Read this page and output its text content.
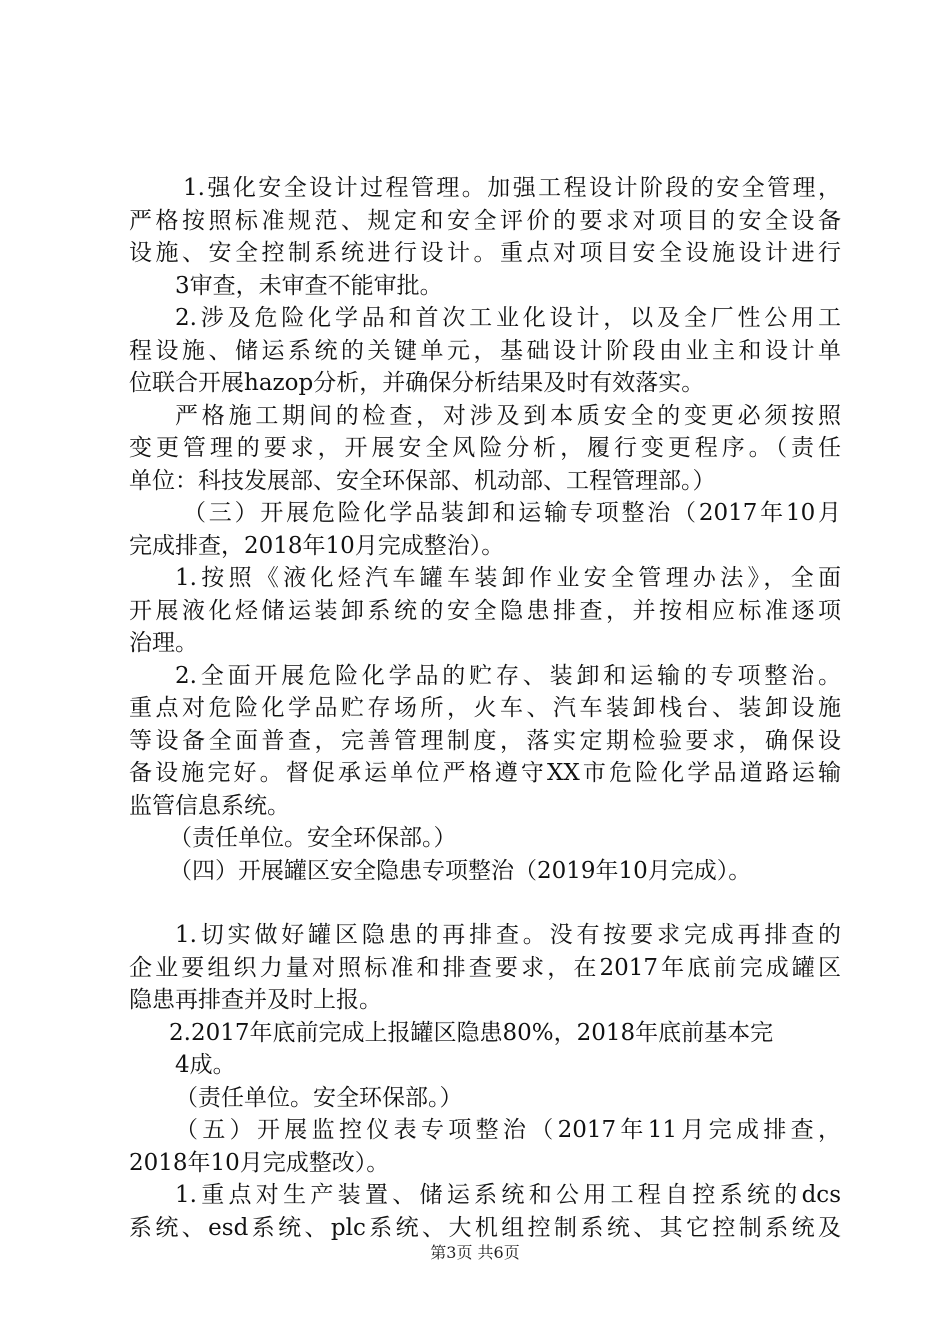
1.强化安全设计过程管理。加强工程设计阶段的安全管理，
严格按照标准规范、规定和安全评价的要求对项目的安全设备
设施、安全控制系统进行设计。重点对项目安全设施设计进行
3审查，未审查不能审批。
2.涉及危险化学品和首次工业化设计，以及全厂性公用工
程设施、储运系统的关键单元，基础设计阶段由业主和设计单
位联合开展hazop分析，并确保分析结果及时有效落实。
严格施工期间的检查，对涉及到本质安全的变更必须按照
变更管理的要求，开展安全风险分析，履行变更程序。（责任
单位：科技发展部、安全环保部、机动部、工程管理部。）
（三）开展危险化学品装卸和运输专项整治（2017年10月
完成排查，2018年10月完成整治）。
1.按照《液化烃汽车罐车装卸作业安全管理办法》，全面
开展液化烃储运装卸系统的安全隐患排查，并按相应标准逐项
治理。
2.全面开展危险化学品的贮存、装卸和运输的专项整治。
重点对危险化学品贮存场所，火车、汽车装卸栈台、装卸设施
等设备全面普查，完善管理制度，落实定期检验要求，确保设
备设施完好。督促承运单位严格遵守XX市危险化学品道路运输
监管信息系统。
（责任单位。安全环保部。）
（四）开展罐区安全隐患专项整治（2019年10月完成）。
1.切实做好罐区隐患的再排查。没有按要求完成再排查的
企业要组织力量对照标准和排查要求，在2017年底前完成罐区
隐患再排查并及时上报。
2.2017年底前完成上报罐区隐患80%，2018年底前基本完
4成。
（责任单位。安全环保部。）
（五）开展监控仪表专项整治（2017年11月完成排查，
2018年10月完成整改）。
1.重点对生产装置、储运系统和公用工程自控系统的dcs
系统、esd系统、plc系统、大机组控制系统、其它控制系统及
第3页 共6页
